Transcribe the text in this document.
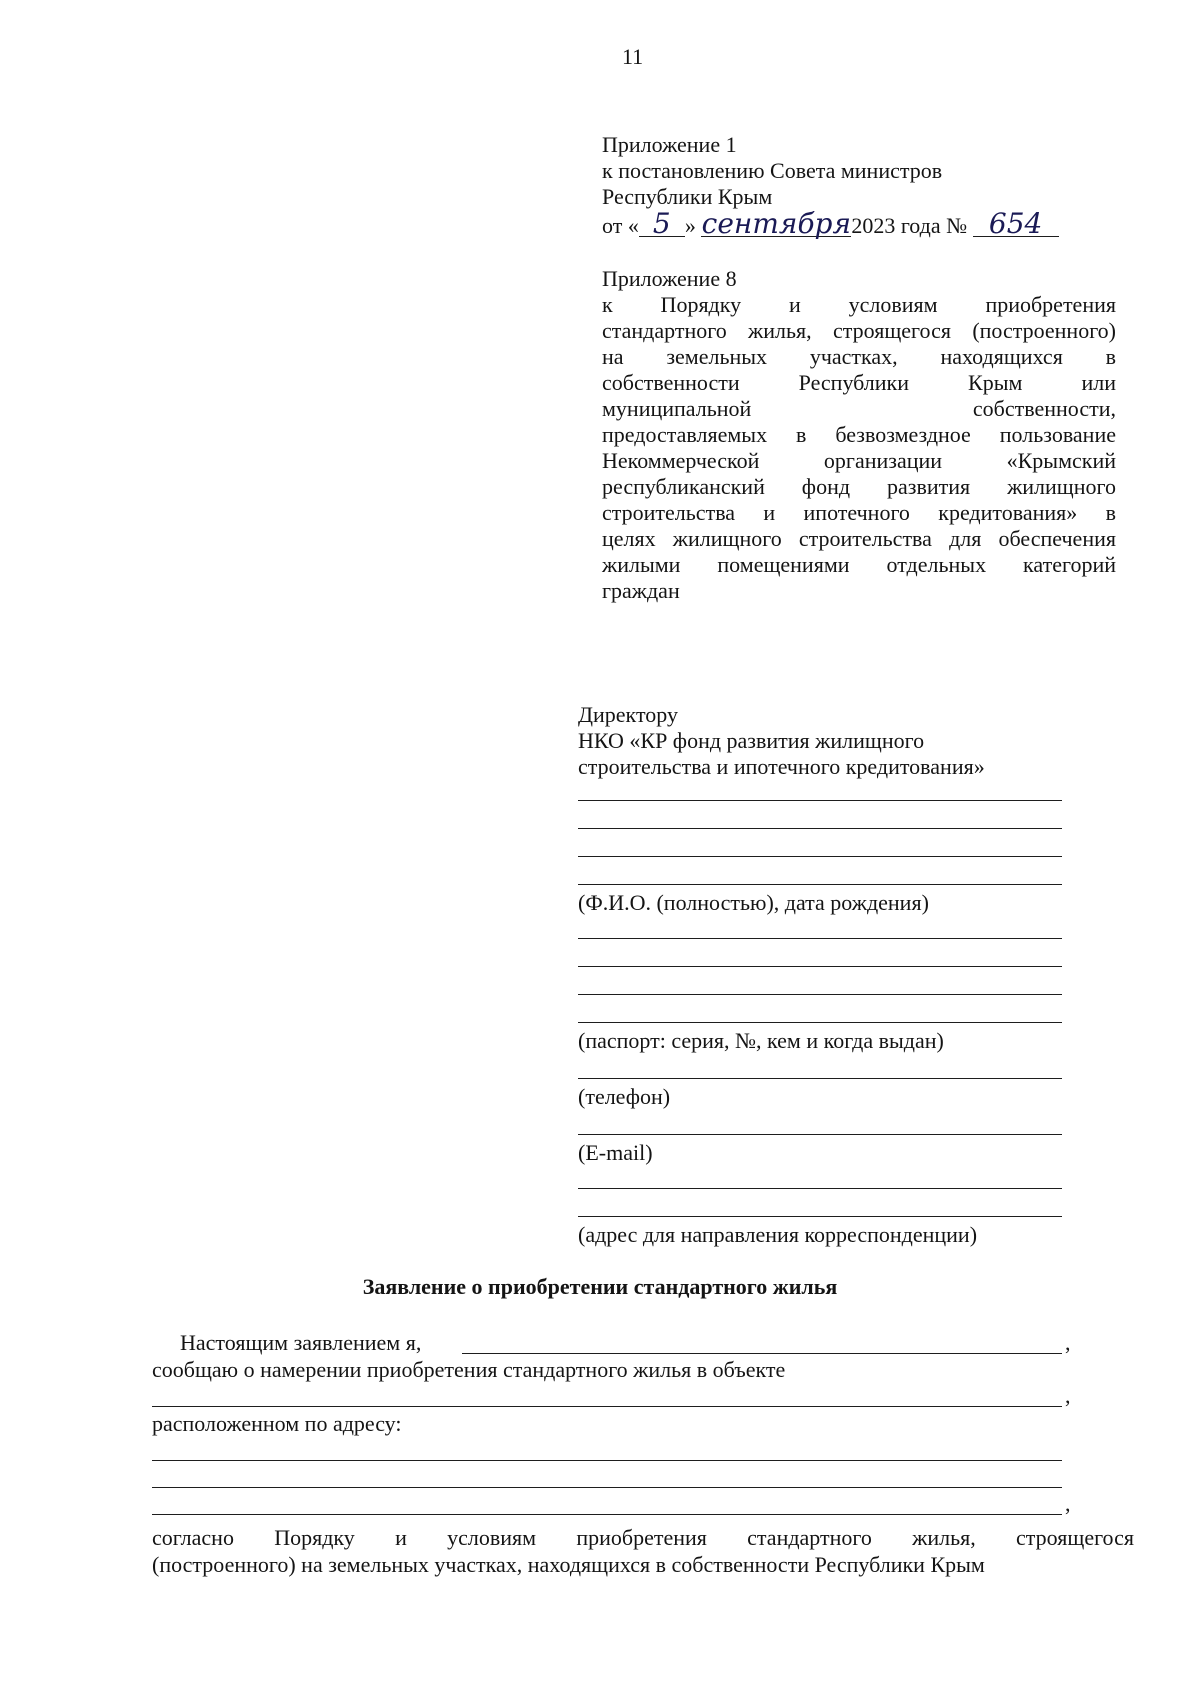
11
Приложение 1
к постановлению Совета министров
Республики Крым
от « 5 » сентября2023 года № 654
Приложение 8
к Порядку и условиям приобретения
стандартного жилья, строящегося (построенного)
на земельных участках, находящихся в
собственности Республики Крым или
муниципальной собственности,
предоставляемых в безвозмездное пользование
Некоммерческой организации «Крымский
республиканский фонд развития жилищного
строительства и ипотечного кредитования» в
целях жилищного строительства для обеспечения
жилыми помещениями отдельных категорий
граждан
Директору
НКО «КР фонд развития жилищного
строительства и ипотечного кредитования»
(Ф.И.О. (полностью), дата рождения)
(паспорт: серия, №, кем и когда выдан)
(телефон)
(E-mail)
(адрес для направления корреспонденции)
Заявление о приобретении стандартного жилья
Настоящим заявлением я,	,
сообщаю о намерении приобретения стандартного жилья в объекте
,
расположенном по адресу:
,
согласно Порядку и условиям приобретения стандартного жилья, строящегося
(построенного) на земельных участках, находящихся в собственности Республики Крым
